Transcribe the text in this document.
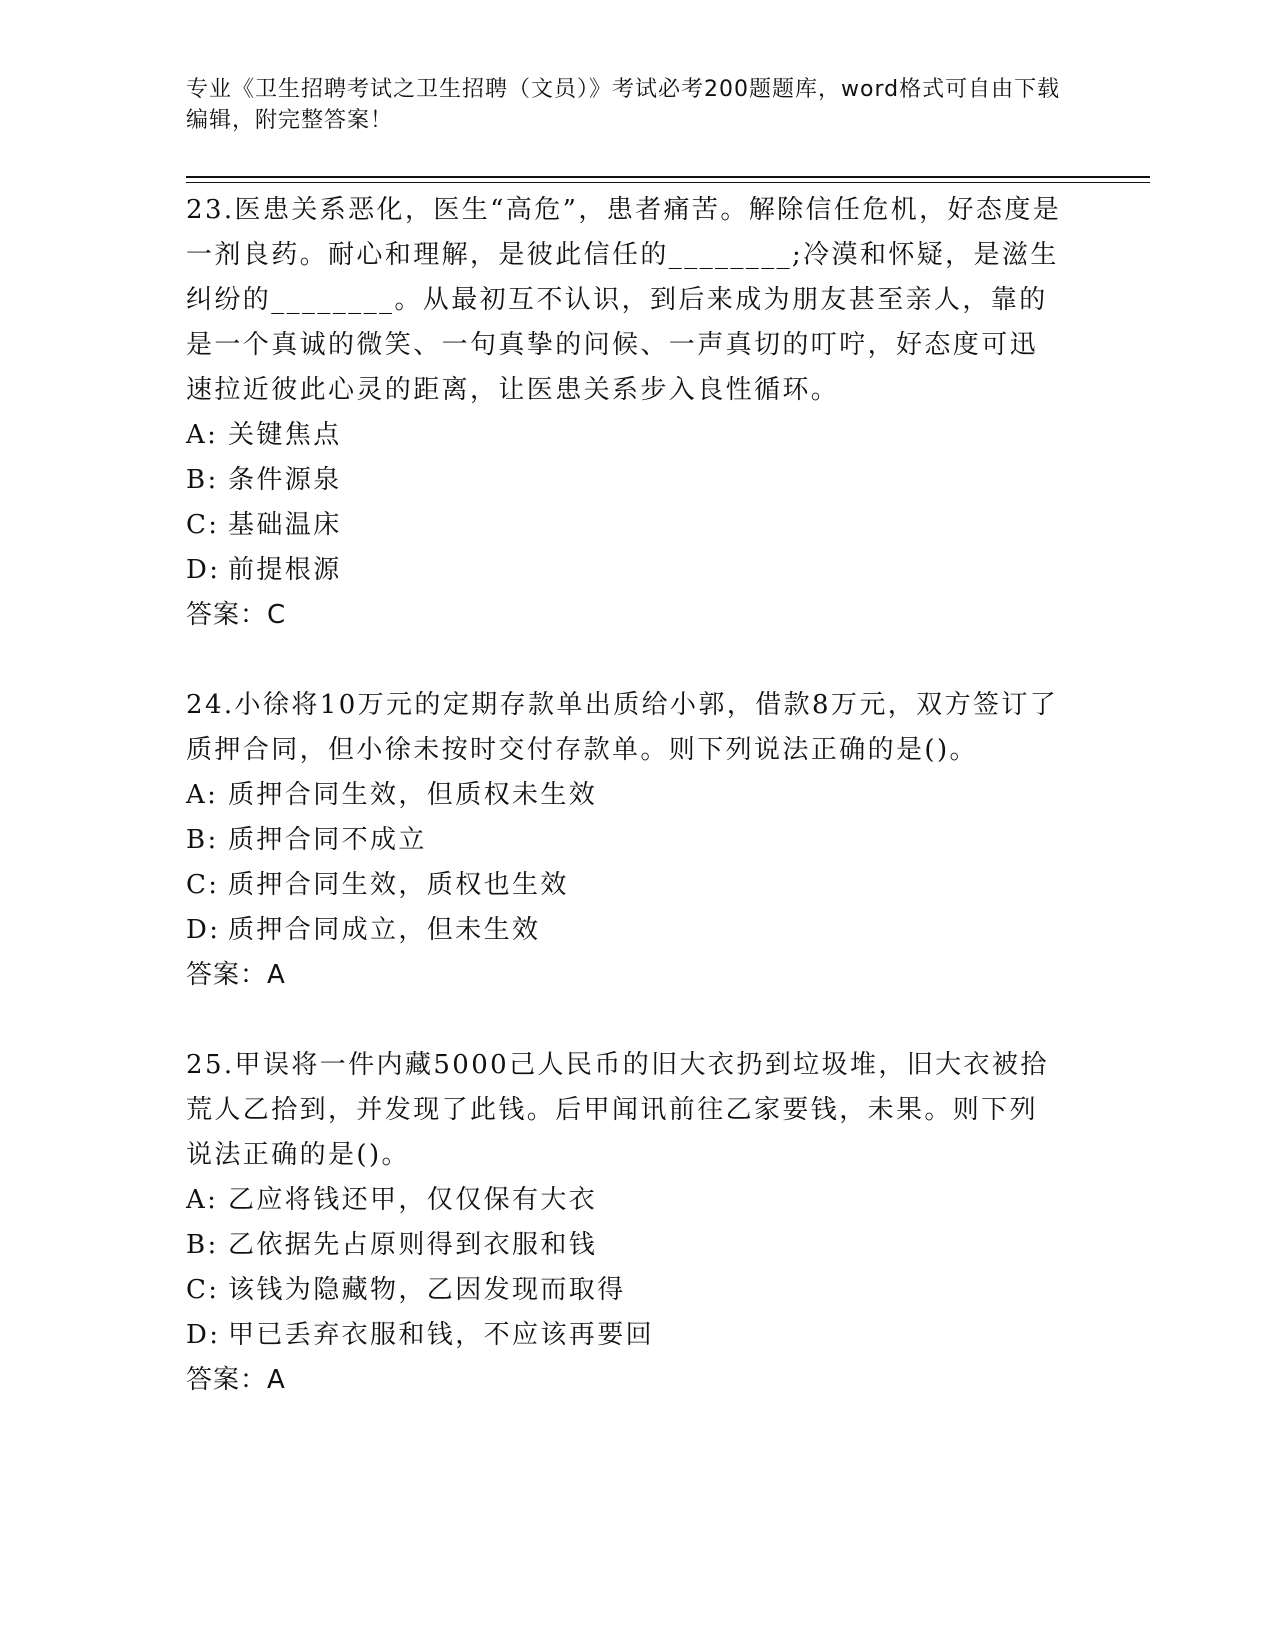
专业《卫生招聘考试之卫生招聘（文员）》考试必考200题题库，word格式可自由下载编辑，附完整答案！

23.医患关系恶化，医生“高危”，患者痛苦。解除信任危机，好态度是一剂良药。耐心和理解，是彼此信任的________;冷漠和怀疑，是滋生纠纷的________。从最初互不认识，到后来成为朋友甚至亲人，靠的是一个真诚的微笑、一句真挚的问候、一声真切的叮咛，好态度可迅速拉近彼此心灵的距离，让医患关系步入良性循环。

A: 关键焦点

B: 条件源泉

C: 基础温床

D: 前提根源

答案：C

24.小徐将10万元的定期存款单出质给小郭，借款8万元，双方签订了质押合同，但小徐未按时交付存款单。则下列说法正确的是()。

A: 质押合同生效，但质权未生效

B: 质押合同不成立

C: 质押合同生效，质权也生效

D: 质押合同成立，但未生效

答案：A

25.甲误将一件内藏5000己人民币的旧大衣扔到垃圾堆，旧大衣被拾荒人乙拾到，并发现了此钱。后甲闻讯前往乙家要钱，未果。则下列说法正确的是()。

A: 乙应将钱还甲，仅仅保有大衣

B: 乙依据先占原则得到衣服和钱

C: 该钱为隐藏物，乙因发现而取得

D: 甲已丢弃衣服和钱，不应该再要回

答案：A
